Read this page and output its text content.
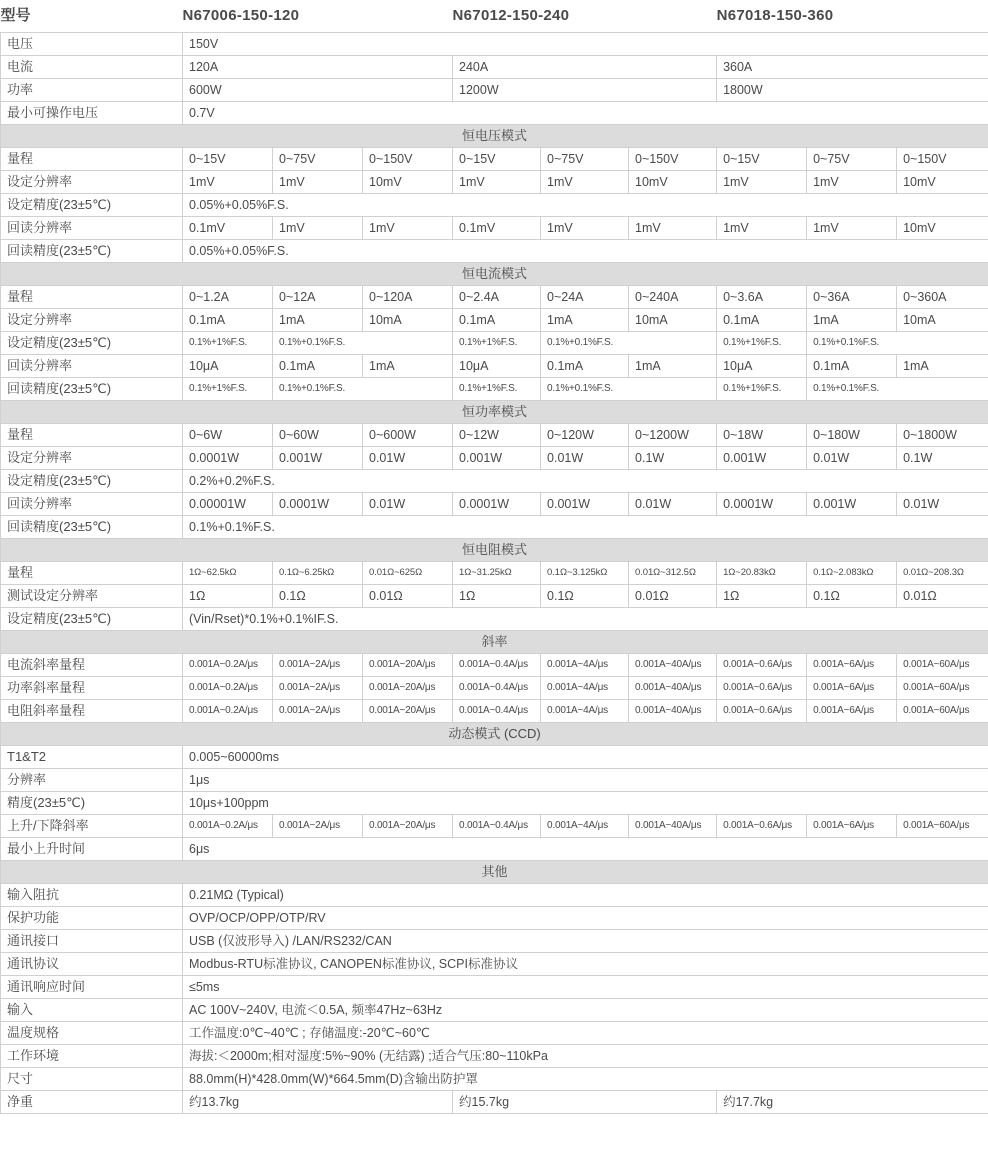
型号	N67006-150-120			N67012-150-240			N67018-150-360		
电压	150V								
电流	120A			240A			360A		
功率	600W			1200W			1800W		
最小可操作电压	0.7V								
恒电压模式									
量程	0~15V	0~75V	0~150V	0~15V	0~75V	0~150V	0~15V	0~75V	0~150V
设定分辨率	1mV	1mV	10mV	1mV	1mV	10mV	1mV	1mV	10mV
设定精度(23±5℃)	0.05%+0.05%F.S.								
回读分辨率	0.1mV	1mV	1mV	0.1mV	1mV	1mV	1mV	1mV	10mV
回读精度(23±5℃)	0.05%+0.05%F.S.								
恒电流模式									
量程	0~1.2A	0~12A	0~120A	0~2.4A	0~24A	0~240A	0~3.6A	0~36A	0~360A
设定分辨率	0.1mA	1mA	10mA	0.1mA	1mA	10mA	0.1mA	1mA	10mA
设定精度(23±5℃)	0.1%+1%F.S.	0.1%+0.1%F.S.		0.1%+1%F.S.	0.1%+0.1%F.S.		0.1%+1%F.S.	0.1%+0.1%F.S.	
回读分辨率	10μA	0.1mA	1mA	10μA	0.1mA	1mA	10μA	0.1mA	1mA
回读精度(23±5℃)	0.1%+1%F.S.	0.1%+0.1%F.S.		0.1%+1%F.S.	0.1%+0.1%F.S.		0.1%+1%F.S.	0.1%+0.1%F.S.	
恒功率模式									
量程	0~6W	0~60W	0~600W	0~12W	0~120W	0~1200W	0~18W	0~180W	0~1800W
设定分辨率	0.0001W	0.001W	0.01W	0.001W	0.01W	0.1W	0.001W	0.01W	0.1W
设定精度(23±5℃)	0.2%+0.2%F.S.								
回读分辨率	0.00001W	0.0001W	0.01W	0.0001W	0.001W	0.01W	0.0001W	0.001W	0.01W
回读精度(23±5℃)	0.1%+0.1%F.S.								
恒电阻模式									
量程	1Ω~62.5kΩ	0.1Ω~6.25kΩ	0.01Ω~625Ω	1Ω~31.25kΩ	0.1Ω~3.125kΩ	0.01Ω~312.5Ω	1Ω~20.83kΩ	0.1Ω~2.083kΩ	0.01Ω~208.3Ω
测试设定分辨率	1Ω	0.1Ω	0.01Ω	1Ω	0.1Ω	0.01Ω	1Ω	0.1Ω	0.01Ω
设定精度(23±5℃)	(Vin/Rset)*0.1%+0.1%IF.S.								
斜率									
电流斜率量程	0.001A~0.2A/μs	0.001A~2A/μs	0.001A~20A/μs	0.001A~0.4A/μs	0.001A~4A/μs	0.001A~40A/μs	0.001A~0.6A/μs	0.001A~6A/μs	0.001A~60A/μs
功率斜率量程	0.001A~0.2A/μs	0.001A~2A/μs	0.001A~20A/μs	0.001A~0.4A/μs	0.001A~4A/μs	0.001A~40A/μs	0.001A~0.6A/μs	0.001A~6A/μs	0.001A~60A/μs
电阻斜率量程	0.001A~0.2A/μs	0.001A~2A/μs	0.001A~20A/μs	0.001A~0.4A/μs	0.001A~4A/μs	0.001A~40A/μs	0.001A~0.6A/μs	0.001A~6A/μs	0.001A~60A/μs
动态模式 (CCD)									
T1&T2	0.005~60000ms								
分辨率	1μs								
精度(23±5℃)	10μs+100ppm								
上升/下降斜率	0.001A~0.2A/μs	0.001A~2A/μs	0.001A~20A/μs	0.001A~0.4A/μs	0.001A~4A/μs	0.001A~40A/μs	0.001A~0.6A/μs	0.001A~6A/μs	0.001A~60A/μs
最小上升时间	6μs								
其他									
输入阻抗	0.21MΩ (Typical)								
保护功能	OVP/OCP/OPP/OTP/RV								
通讯接口	USB (仅波形导入) /LAN/RS232/CAN								
通讯协议	Modbus-RTU标准协议, CANOPEN标准协议, SCPI标准协议								
通讯响应时间	≤5ms								
输入	AC 100V~240V, 电流＜0.5A, 频率47Hz~63Hz								
温度规格	工作温度:0℃~40℃ ; 存储温度:-20℃~60℃								
工作环境	海拔:＜2000m;相对湿度:5%~90% (无结露) ;适合气压:80~110kPa								
尺寸	88.0mm(H)*428.0mm(W)*664.5mm(D)含输出防护罩								
净重	约13.7kg			约15.7kg			约17.7kg		
